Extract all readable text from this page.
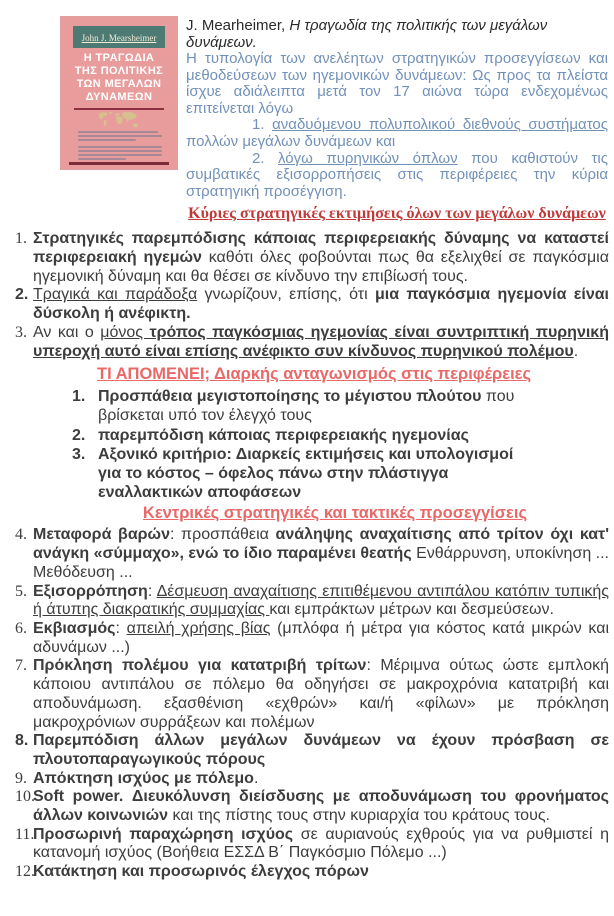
John J. Mearsheimer
Η ΤΡΑΓΩΔΙΑ
ΤΗΣ ΠΟΛΙΤΙΚΗΣ
ΤΩΝ ΜΕΓΑΛΩΝ
ΔΥΝΑΜΕΩΝ

J. Mearheimer, Η τραγωδία της πολιτικής των μεγάλων δυνάμεων.

Η τυπολογία των ανελέητων στρατηγικών προσεγγίσεων και μεθοδεύσεων των ηγεμονικών δυνάμεων: Ως προς τα πλείστα ίσχυε αδιάλειπτα μετά τον 17 αιώνα τώρα ενδεχομένως επιτείνεται λόγω

1. αναδυόμενου πολυπολικού διεθνούς συστήματος πολλών μεγάλων δυνάμεων και

2. λόγω πυρηνικών όπλων που καθιστούν τις συμβατικές εξισορροπήσεις στις περιφέρειες την κύρια στρατηγική προσέγγιση.

Κύριες στρατηγικές εκτιμήσεις όλων των μεγάλων δυνάμεων
1. Στρατηγικές παρεμπόδισης κάποιας περιφερειακής δύναμης να καταστεί περιφερειακή ηγεμών καθότι όλες φοβούνται πως θα εξελιχθεί σε παγκόσμια ηγεμονική δύναμη και θα θέσει σε κίνδυνο την επιβίωσή τους.
2. Τραγικά και παράδοξα γνωρίζουν, επίσης, ότι μια παγκόσμια ηγεμονία είναι δύσκολη ή ανέφικτη.
3. Αν και ο μόνος τρόπος παγκόσμιας ηγεμονίας είναι συντριπτική πυρηνική υπεροχή αυτό είναι επίσης ανέφικτο συν κίνδυνος πυρηνικού πολέμου.
ΤΙ ΑΠΟΜΕΝΕΙ; Διαρκής ανταγωνισμός στις περιφέρειες
1. Προσπάθεια μεγιστοποίησης το μέγιστου πλούτου που βρίσκεται υπό τον έλεγχό τους
2. παρεμπόδιση κάποιας περιφερειακής ηγεμονίας
3. Αξονικό κριτήριο: Διαρκείς εκτιμήσεις και υπολογισμοί για το κόστος – όφελος πάνω στην πλάστιγγα εναλλακτικών αποφάσεων
Κεντρικές στρατηγικές και τακτικές προσεγγίσεις
4. Μεταφορά βαρών: προσπάθεια ανάληψης αναχαίτισης από τρίτον όχι κατ' ανάγκη «σύμμαχο», ενώ το ίδιο παραμένει θεατής Ενθάρρυνση, υποκίνηση ... Μεθόδευση ...
5. Εξισορρόπηση: Δέσμευση αναχαίτισης επιτιθέμενου αντιπάλου κατόπιν τυπικής ή άτυπης διακρατικής συμμαχίας και εμπράκτων μέτρων και δεσμεύσεων.
6. Εκβιασμός: απειλή χρήσης βίας (μπλόφα ή μέτρα για κόστος κατά μικρών και αδυνάμων ...)
7. Πρόκληση πολέμου για κατατριβή τρίτων: Μέριμνα ούτως ώστε εμπλοκή κάποιου αντιπάλου σε πόλεμο θα οδηγήσει σε μακροχρόνια κατατριβή και αποδυνάμωση. εξασθένιση «εχθρών» και/ή «φίλων» με πρόκληση μακροχρόνιων συρράξεων και πολέμων
8. Παρεμπόδιση άλλων μεγάλων δυνάμεων να έχουν πρόσβαση σε πλουτοπαραγωγικούς πόρους
9. Απόκτηση ισχύος με πόλεμο.
10.
Soft power. Διευκόλυνση διείσδυσης με αποδυνάμωση του φρονήματος άλλων κοινωνιών και της πίστης τους στην κυριαρχία του κράτους τους.
11.
Προσωρινή παραχώρηση ισχύος σε αυριανούς εχθρούς για να ρυθμιστεί η κατανομή ισχύος (Βοήθεια ΕΣΣΔ Β΄ Παγκόσμιο Πόλεμο ...)
12.
Κατάκτηση και προσωρινός έλεγχος πόρων
